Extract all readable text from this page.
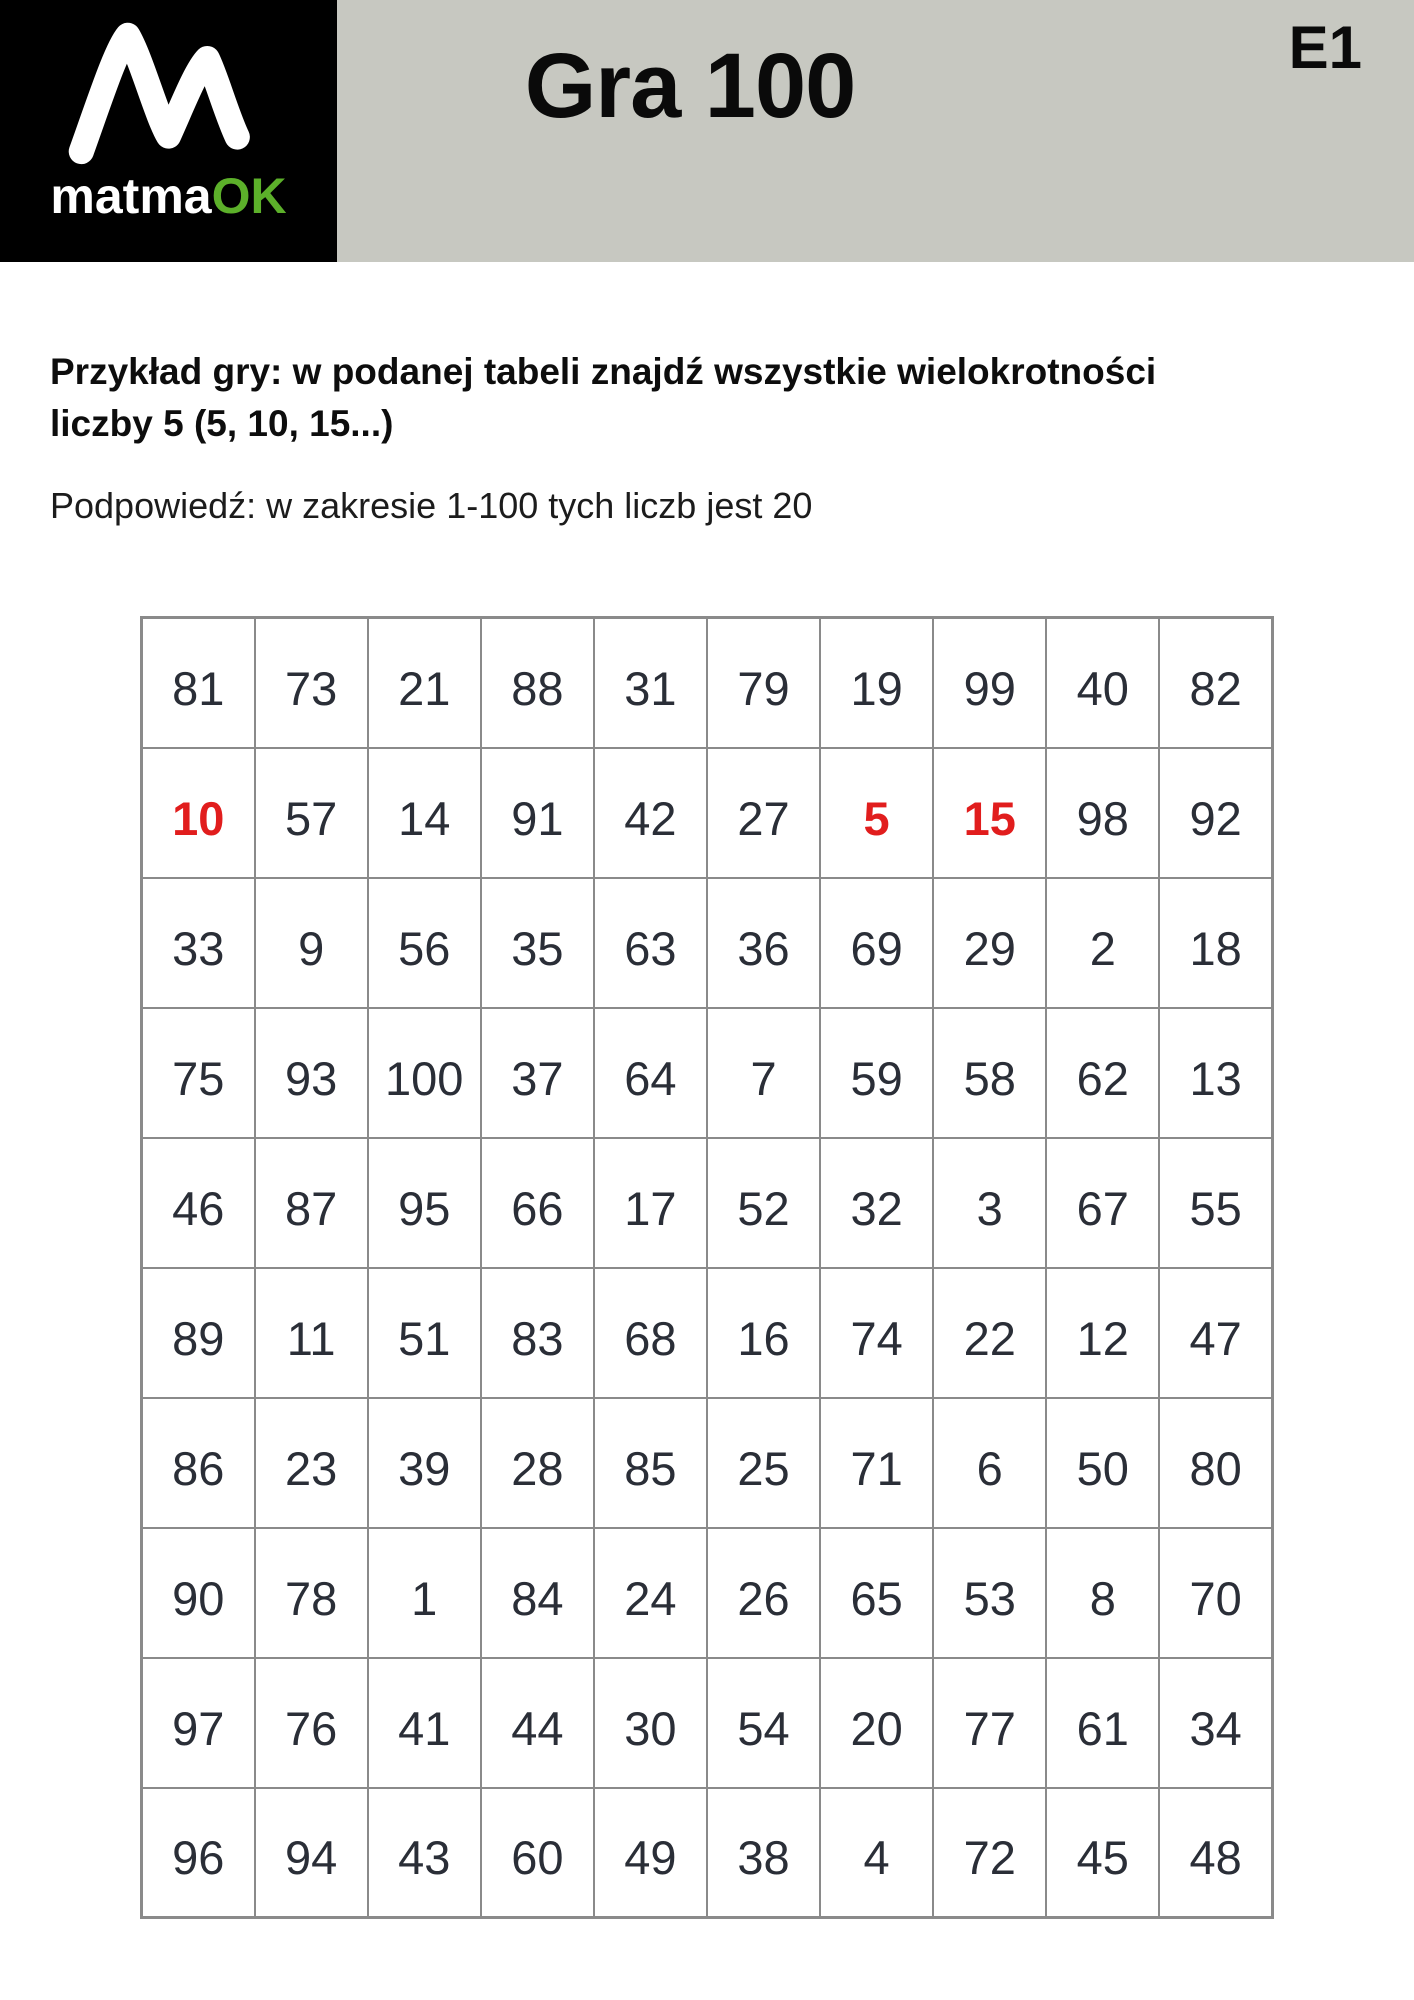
matmaOK
Gra 100	E1

Przykład gry: w podanej tabeli znajdź wszystkie wielokrotności
liczby 5 (5, 10, 15...)

Podpowiedź: w zakresie 1-100 tych liczb jest 20

81	73	21	88	31	79	19	99	40	82
10	57	14	91	42	27	5	15	98	92
33	9	56	35	63	36	69	29	2	18
75	93	100	37	64	7	59	58	62	13
46	87	95	66	17	52	32	3	67	55
89	11	51	83	68	16	74	22	12	47
86	23	39	28	85	25	71	6	50	80
90	78	1	84	24	26	65	53	8	70
97	76	41	44	30	54	20	77	61	34
96	94	43	60	49	38	4	72	45	48
